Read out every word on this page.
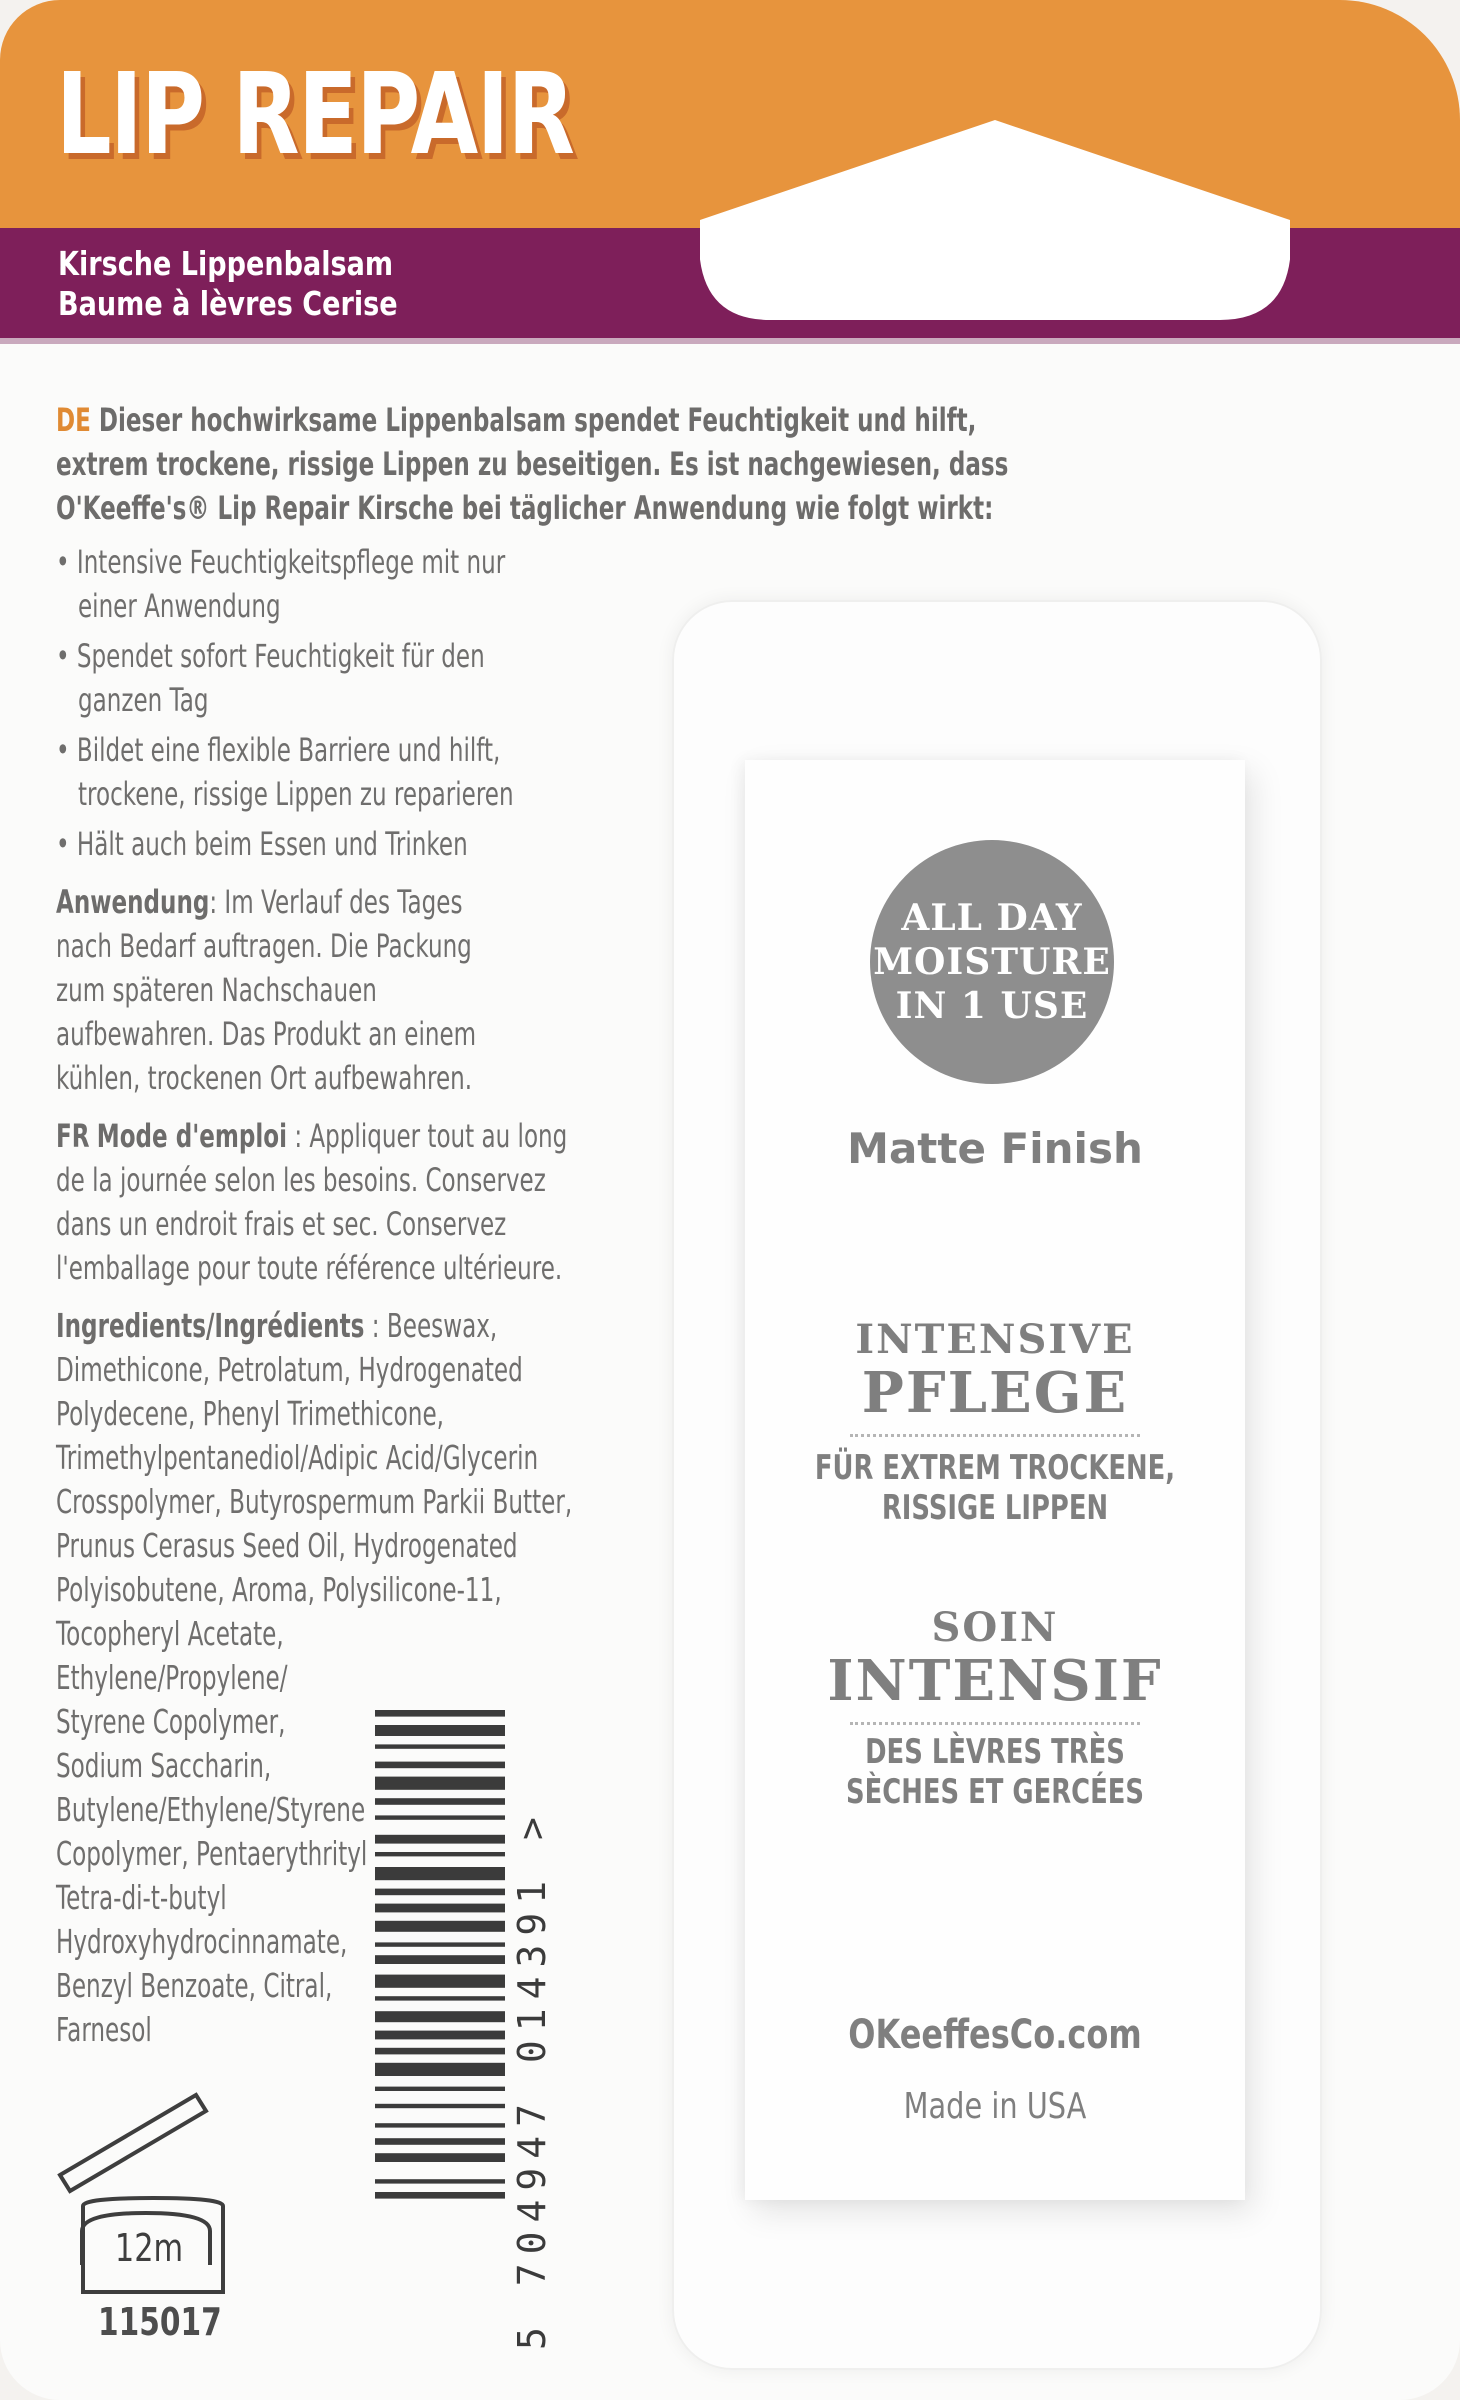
LIP REPAIR
Kirsche Lippenbalsam
Baume à lèvres Cerise
DE Dieser hochwirksame Lippenbalsam spendet Feuchtigkeit und hilft,
extrem trockene, rissige Lippen zu beseitigen. Es ist nachgewiesen, dass
O'Keeffe's® Lip Repair Kirsche bei täglicher Anwendung wie folgt wirkt:
• Intensive Feuchtigkeitspflege mit nur
einer Anwendung
• Spendet sofort Feuchtigkeit für den
ganzen Tag
• Bildet eine flexible Barriere und hilft,
trockene, rissige Lippen zu reparieren
• Hält auch beim Essen und Trinken
Anwendung: Im Verlauf des Tages
nach Bedarf auftragen. Die Packung
zum späteren Nachschauen
aufbewahren. Das Produkt an einem
kühlen, trockenen Ort aufbewahren.
FR Mode d'emploi : Appliquer tout au long
de la journée selon les besoins. Conservez
dans un endroit frais et sec. Conservez
l'emballage pour toute référence ultérieure.
Ingredients/Ingrédients : Beeswax,
Dimethicone, Petrolatum, Hydrogenated
Polydecene, Phenyl Trimethicone,
Trimethylpentanediol/Adipic Acid/Glycerin
Crosspolymer, Butyrospermum Parkii Butter,
Prunus Cerasus Seed Oil, Hydrogenated
Polyisobutene, Aroma, Polysilicone-11,
Tocopheryl Acetate,
Ethylene/Propylene/
Styrene Copolymer,
Sodium Saccharin,
Butylene/Ethylene/Styrene
Copolymer, Pentaerythrityl
Tetra-di-t-butyl
Hydroxyhydrocinnamate,
Benzyl Benzoate, Citral,
Farnesol
ALL DAY
MOISTURE
IN 1 USE
Matte Finish
INTENSIVE
PFLEGE
FÜR EXTREM TROCKENE,
RISSIGE LIPPEN
SOIN
INTENSIF
DES LÈVRES TRÈS
SÈCHES ET GERCÉES
OKeeffesCo.com
Made in USA
5 704947 014391 >
12m
115017
